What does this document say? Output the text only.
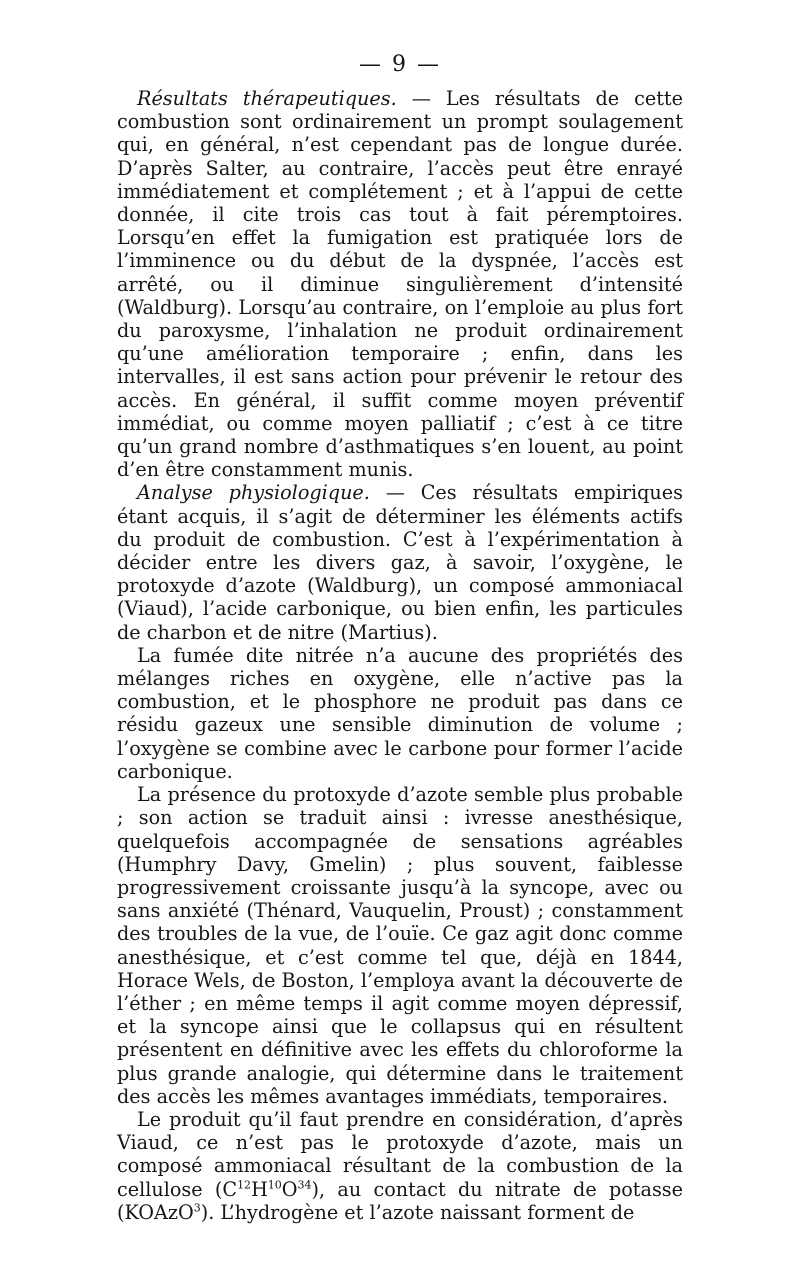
— 9 —

Résultats thérapeutiques. — Les résultats de cette combustion sont ordinairement un prompt soulagement qui, en général, n’est cependant pas de longue durée. D’après Salter, au contraire, l’accès peut être enrayé immédiatement et complétement ; et à l’appui de cette donnée, il cite trois cas tout à fait péremptoires. Lorsqu’en effet la fumigation est pratiquée lors de l’imminence ou du début de la dyspnée, l’accès est arrêté, ou il diminue singulièrement d’intensité (Waldburg). Lorsqu’au contraire, on l’emploie au plus fort du paroxysme, l’inhalation ne produit ordinairement qu’une amélioration temporaire ; enfin, dans les intervalles, il est sans action pour prévenir le retour des accès. En général, il suffit comme moyen préventif immédiat, ou comme moyen palliatif ; c’est à ce titre qu’un grand nombre d’asthmatiques s’en louent, au point d’en être constamment munis.

Analyse physiologique. — Ces résultats empiriques étant acquis, il s’agit de déterminer les éléments actifs du produit de combustion. C’est à l’expérimentation à décider entre les divers gaz, à savoir, l’oxygène, le protoxyde d’azote (Waldburg), un composé ammoniacal (Viaud), l’acide carbonique, ou bien enfin, les particules de charbon et de nitre (Martius).

La fumée dite nitrée n’a aucune des propriétés des mélanges riches en oxygène, elle n’active pas la combustion, et le phosphore ne produit pas dans ce résidu gazeux une sensible diminution de volume ; l’oxygène se combine avec le carbone pour former l’acide carbonique.

La présence du protoxyde d’azote semble plus probable ; son action se traduit ainsi : ivresse anesthésique, quelquefois accompagnée de sensations agréables (Humphry Davy, Gmelin) ; plus souvent, faiblesse progressivement croissante jusqu’à la syncope, avec ou sans anxiété (Thénard, Vauquelin, Proust) ; constamment des troubles de la vue, de l’ouïe. Ce gaz agit donc comme anesthésique, et c’est comme tel que, déjà en 1844, Horace Wels, de Boston, l’employa avant la découverte de l’éther ; en même temps il agit comme moyen dépressif, et la syncope ainsi que le collapsus qui en résultent présentent en définitive avec les effets du chloroforme la plus grande analogie, qui détermine dans le traitement des accès les mêmes avantages immédiats, temporaires.

Le produit qu’il faut prendre en considération, d’après Viaud, ce n’est pas le protoxyde d’azote, mais un composé ammoniacal résultant de la combustion de la cellulose $(C^{12}H^{10}O^{34})$, au contact du nitrate de potasse (KOAzO$^3$). L’hydrogène et l’azote naissant forment de
